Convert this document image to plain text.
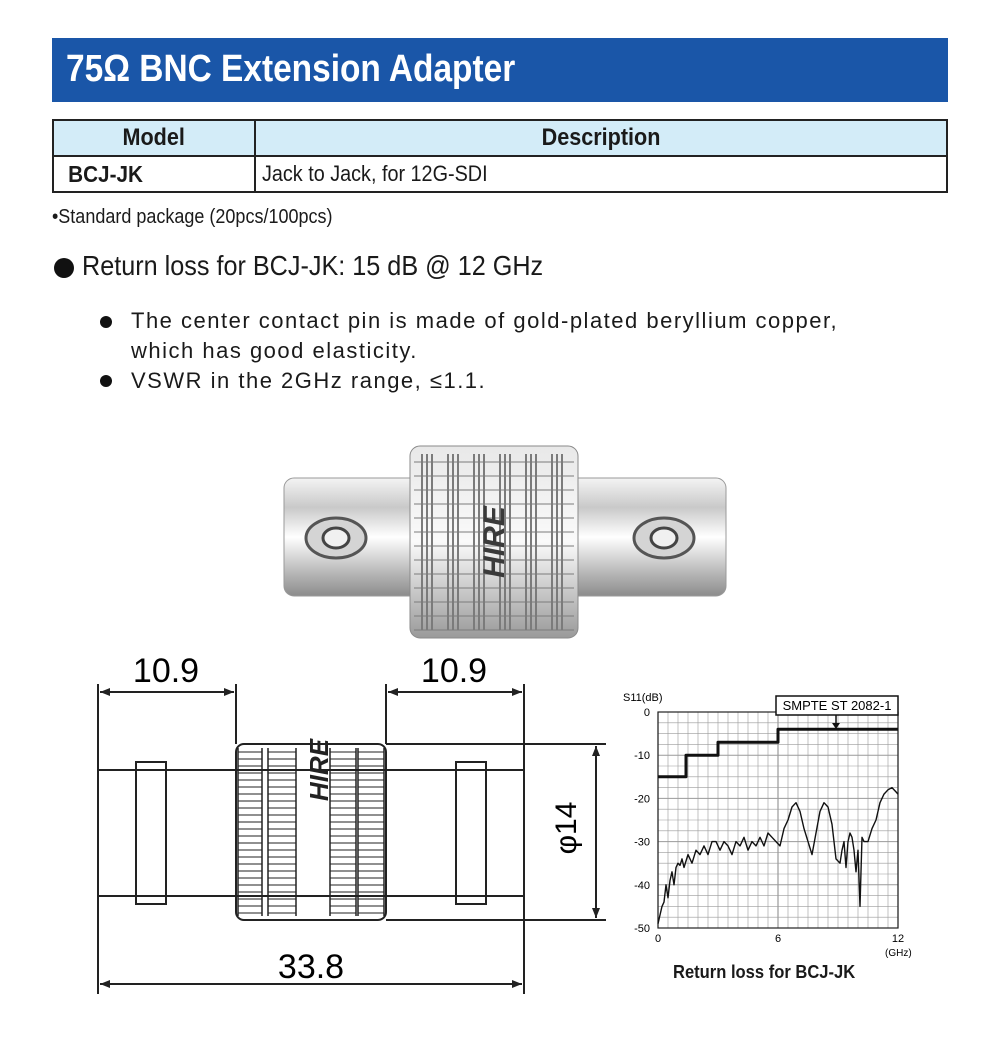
75Ω BNC Extension Adapter
Model	Description
BCJ-JK	Jack to Jack, for 12G-SDI
•Standard package (20pcs/100pcs)
Return loss for BCJ-JK: 15 dB @ 12 GHz
The center contact pin is made of gold-plated beryllium copper,
which has good elasticity.
VSWR in the 2GHz range, ≤1.1.
HIRE
10.9	10.9
33.8
φ14
HIRE
S11(dB)
(GHz)
0
-10
-20
-30
-40
-50
0	6	12
SMPTE ST 2082-1
Return loss for BCJ-JK
